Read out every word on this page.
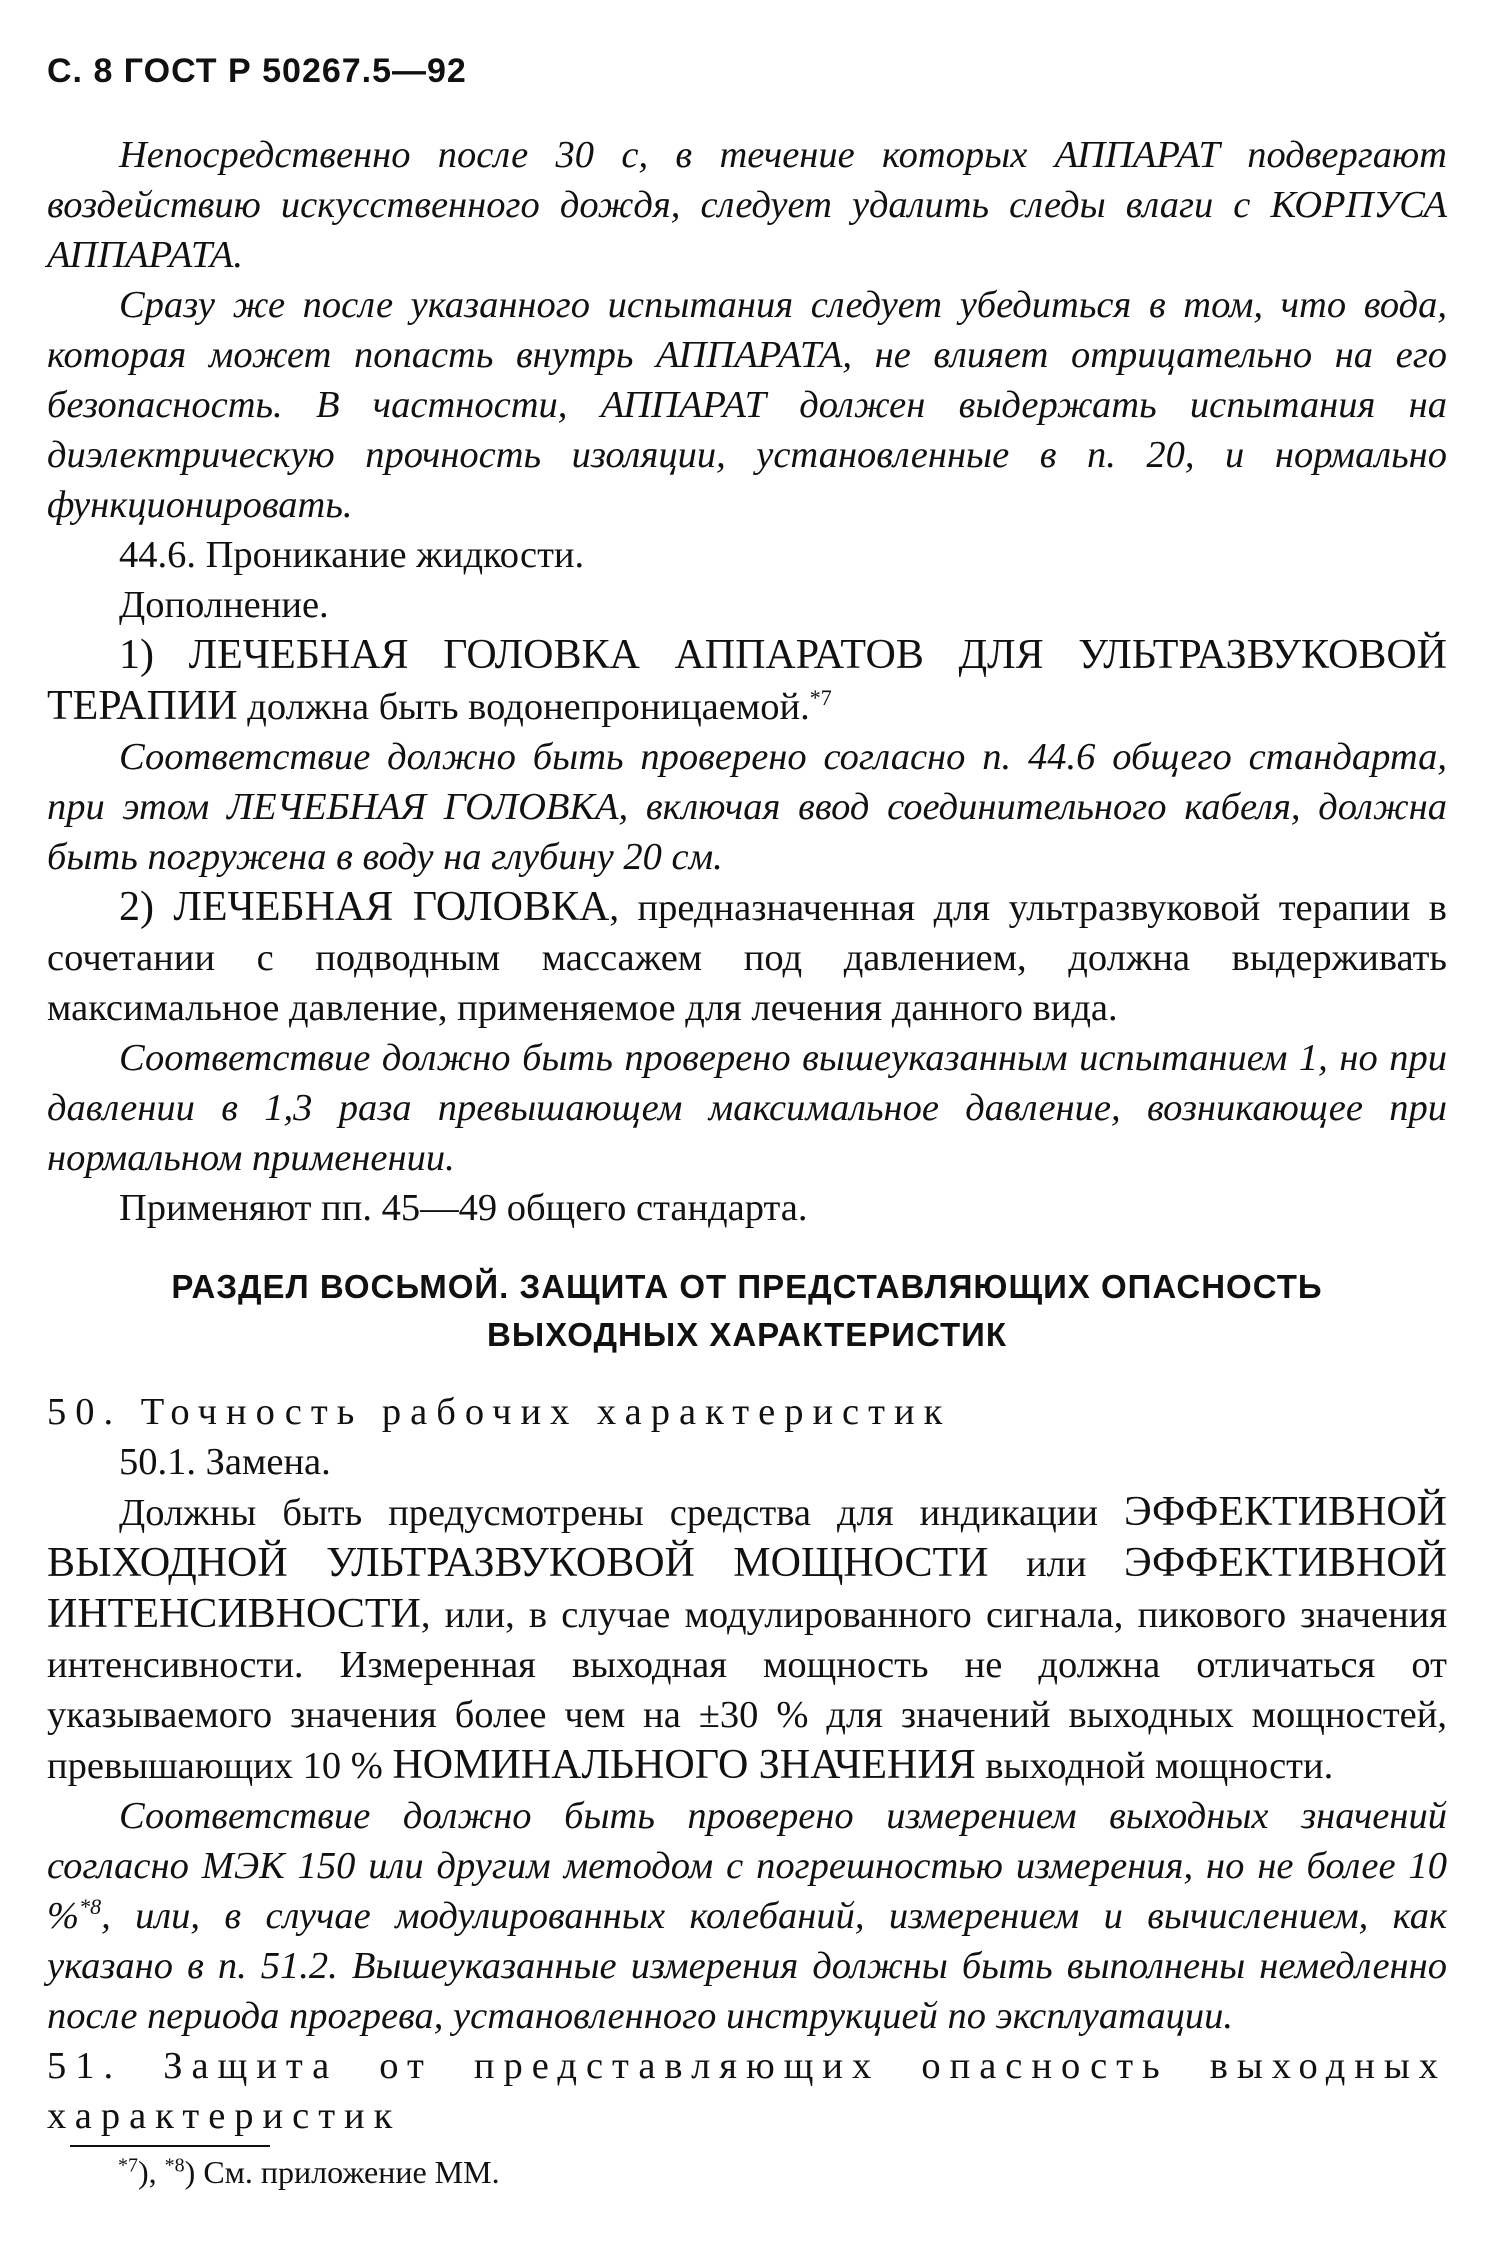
С. 8 ГОСТ Р 50267.5—92

Непосредственно после 30 с, в течение которых АППАРАТ подвергают воздействию искусственного дождя, следует удалить следы влаги с КОРПУСА АППАРАТА.

Сразу же после указанного испытания следует убедиться в том, что вода, которая может попасть внутрь АППАРАТА, не влияет отрицательно на его безопасность. В частности, АППАРАТ должен выдержать испытания на диэлектрическую прочность изоляции, установленные в п. 20, и нормально функционировать.

44.6. Проникание жидкости.

Дополнение.

1) ЛЕЧЕБНАЯ ГОЛОВКА АППАРАТОВ ДЛЯ УЛЬТРАЗВУКОВОЙ ТЕРАПИИ должна быть водонепроницаемой.$^{*7}$

Соответствие должно быть проверено согласно п. 44.6 общего стандарта, при этом ЛЕЧЕБНАЯ ГОЛОВКА, включая ввод соединительного кабеля, должна быть погружена в воду на глубину 20 см.

2) ЛЕЧЕБНАЯ ГОЛОВКА, предназначенная для ультразвуковой терапии в сочетании с подводным массажем под давлением, должна выдерживать максимальное давление, применяемое для лечения данного вида.

Соответствие должно быть проверено вышеуказанным испытанием 1, но при давлении в 1,3 раза превышающем максимальное давление, возникающее при нормальном применении.

Применяют пп. 45—49 общего стандарта.

РАЗДЕЛ ВОСЬМОЙ. ЗАЩИТА ОТ ПРЕДСТАВЛЯЮЩИХ ОПАСНОСТЬ
ВЫХОДНЫХ ХАРАКТЕРИСТИК

50. Точность рабочих характеристик

50.1. Замена.

Должны быть предусмотрены средства для индикации ЭФФЕКТИВНОЙ ВЫХОДНОЙ УЛЬТРАЗВУКОВОЙ МОЩНОСТИ или ЭФФЕКТИВНОЙ ИНТЕНСИВНОСТИ, или, в случае модулированного сигнала, пикового значения интенсивности. Измеренная выходная мощность не должна отличаться от указываемого значения более чем на ±30 % для значений выходных мощностей, превышающих 10 % НОМИНАЛЬНОГО ЗНАЧЕНИЯ выходной мощности.

Соответствие должно быть проверено измерением выходных значений согласно МЭК 150 или другим методом с погрешностью измерения, но не более 10 %$^{*8}$, или, в случае модулированных колебаний, измерением и вычислением, как указано в п. 51.2. Вышеуказанные измерения должны быть выполнены немедленно после периода прогрева, установленного инструкцией по эксплуатации.

51. Защита от представляющих опасность выходных характеристик

$^{*7}$), $^{*8}$) См. приложение ММ.
